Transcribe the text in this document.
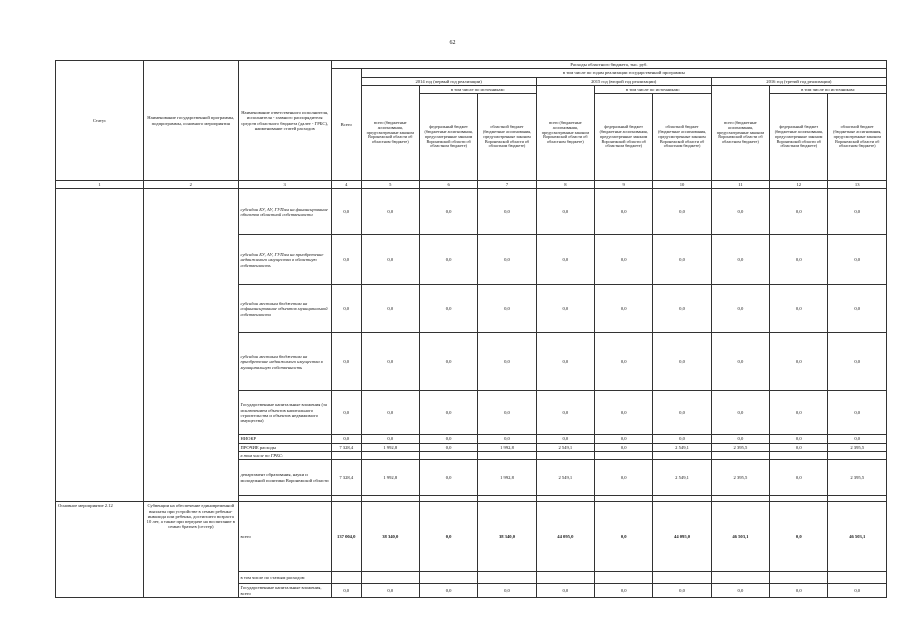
62
Статус	Наименование государственной программы, подпрограммы, основного мероприятия	Наименование ответственного исполнителя, исполнителя - главного распорядителя средств областного бюджета (далее - ГРБС), наименование статей расходов	Расходы областного бюджета, тыс. руб.									
			Всего	в том числе по годам реализации государственной программы								
				2014 год (первый год реализации)			2015 год (второй год реализации)			2016 год (третий год реализации)		
				всего (бюджетные ассигнования, предусмотренные законом Воронежской области об областном бюджете)	в том числе по источникам:		всего (бюджетные ассигнования, предусмотренные законом Воронежской области об областном бюджете)	в том числе по источникам:		всего (бюджетные ассигнования, предусмотренные законом Воронежской области об областном бюджете)	в том числе по источникам:	
					федеральный бюджет (бюджетные ассигнования, предусмотренные законом Воронежской области об областном бюджете)	областной бюджет (бюджетные ассигнования, предусмотренные законом Воронежской области об областном бюджете)		федеральный бюджет (бюджетные ассигнования, предусмотренные законом Воронежской области об областном бюджете)	областной бюджет (бюджетные ассигнования, предусмотренные законом Воронежской области об областном бюджете)		федеральный бюджет (бюджетные ассигнования, предусмотренные законом Воронежской области об областном бюджете)	областной бюджет (бюджетные ассигнования, предусмотренные законом Воронежской области об областном бюджете)
1	2	3	4	5	6	7	8	9	10	11	12	13
		субсидии БУ, АУ, ГУПам на финансирование объектов областной собственности	0,0	0,0	0,0	0,0	0,0	0,0	0,0	0,0	0,0	0,0
		субсидии БУ, АУ, ГУПам на приобретение недвижимого имущества в областную собственность	0,0	0,0	0,0	0,0	0,0	0,0	0,0	0,0	0,0	0,0
		субсидии местным бюджетам на софинансирование объектов муниципальной собственности	0,0	0,0	0,0	0,0	0,0	0,0	0,0	0,0	0,0	0,0
		субсидии местным бюджетам на приобретение недвижимого имущества в муниципальную собственность	0,0	0,0	0,0	0,0	0,0	0,0	0,0	0,0	0,0	0,0
		Государственные капитальные вложения (за исключением объектов капитального строительства и объектов недвижимого имущества)	0,0	0,0	0,0	0,0	0,0	0,0	0,0	0,0	0,0	0,0
		НИОКР	0,0	0,0	0,0	0,0	0,0	0,0	0,0	0,0	0,0	0,0
		ПРОЧИЕ расходы	7 328,4	1 992,8	0,0	1 992,8	2 549,1	0,0	2 549,1	2 395,5	0,0	2 395,5
		в том числе по ГРБС:										
		департамент образования, науки и молодежной политики Воронежской области	7 328,4	1 992,8	0,0	1 992,8	2 549,1	0,0	2 549,1	2 395,5	0,0	2 395,5

Основное мероприятие 2.12	Субвенции на обеспечение единовременной выплаты при устройстве в семью ребенка-инвалида или ребенка, достигшего возраста 10 лет, а также при передаче на воспитание в семью братьев (сестер)	всего	137 004,0	38 340,0	0,0	38 340,0	44 095,0	0,0	44 095,0	46 503,1	0,0	46 503,1
		в том числе по статьям расходов:										
		Государственные капитальные вложения, всего	0,0	0,0	0,0	0,0	0,0	0,0	0,0	0,0	0,0	0,0
